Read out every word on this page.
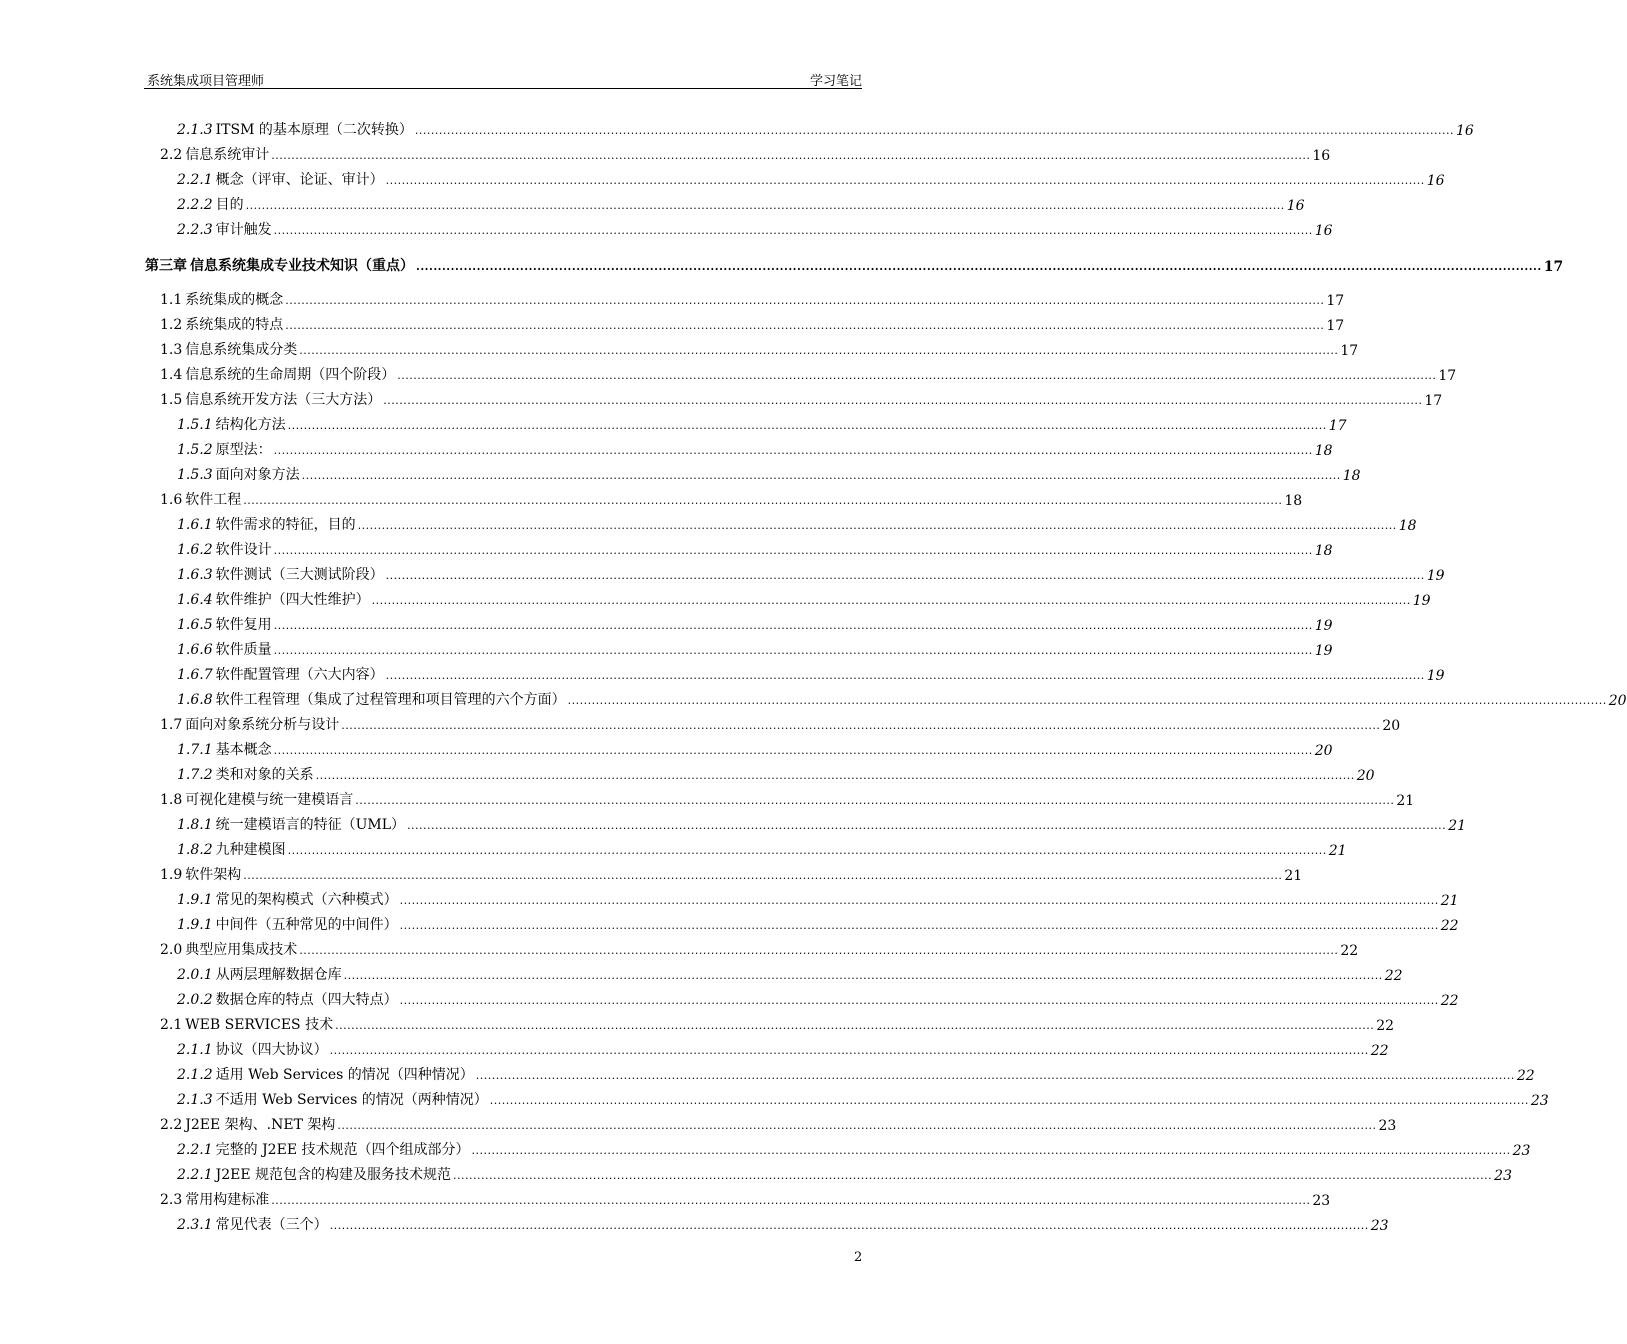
系统集成项目管理师	学习笔记
2.1.3 ITSM 的基本原理（二次转换） .................................................................................................................................................................................................................................................................... 16
2.2 信息系统审计 .................................................................................................................................................................................................................................................................... 16
2.2.1 概念（评审、论证、审计） .................................................................................................................................................................................................................................................................... 16
2.2.2 目的 .................................................................................................................................................................................................................................................................... 16
2.2.3 审计触发 .................................................................................................................................................................................................................................................................... 16
第三章 信息系统集成专业技术知识（重点） .................................................................................................................................................................................................................................................................... 17
1.1 系统集成的概念 .................................................................................................................................................................................................................................................................... 17
1.2 系统集成的特点 .................................................................................................................................................................................................................................................................... 17
1.3 信息系统集成分类 .................................................................................................................................................................................................................................................................... 17
1.4 信息系统的生命周期（四个阶段） .................................................................................................................................................................................................................................................................... 17
1.5 信息系统开发方法（三大方法） .................................................................................................................................................................................................................................................................... 17
1.5.1 结构化方法 .................................................................................................................................................................................................................................................................... 17
1.5.2 原型法： .................................................................................................................................................................................................................................................................... 18
1.5.3 面向对象方法 .................................................................................................................................................................................................................................................................... 18
1.6 软件工程 .................................................................................................................................................................................................................................................................... 18
1.6.1 软件需求的特征，目的 .................................................................................................................................................................................................................................................................... 18
1.6.2 软件设计 .................................................................................................................................................................................................................................................................... 18
1.6.3 软件测试（三大测试阶段） .................................................................................................................................................................................................................................................................... 19
1.6.4 软件维护（四大性维护） .................................................................................................................................................................................................................................................................... 19
1.6.5 软件复用 .................................................................................................................................................................................................................................................................... 19
1.6.6 软件质量 .................................................................................................................................................................................................................................................................... 19
1.6.7 软件配置管理（六大内容） .................................................................................................................................................................................................................................................................... 19
1.6.8 软件工程管理（集成了过程管理和项目管理的六个方面） .................................................................................................................................................................................................................................................................... 20
1.7 面向对象系统分析与设计 .................................................................................................................................................................................................................................................................... 20
1.7.1 基本概念 .................................................................................................................................................................................................................................................................... 20
1.7.2 类和对象的关系 .................................................................................................................................................................................................................................................................... 20
1.8 可视化建模与统一建模语言 .................................................................................................................................................................................................................................................................... 21
1.8.1 统一建模语言的特征（UML） .................................................................................................................................................................................................................................................................... 21
1.8.2 九种建模图 .................................................................................................................................................................................................................................................................... 21
1.9 软件架构 .................................................................................................................................................................................................................................................................... 21
1.9.1 常见的架构模式（六种模式） .................................................................................................................................................................................................................................................................... 21
1.9.1 中间件（五种常见的中间件） .................................................................................................................................................................................................................................................................... 22
2.0 典型应用集成技术 .................................................................................................................................................................................................................................................................... 22
2.0.1 从两层理解数据仓库 .................................................................................................................................................................................................................................................................... 22
2.0.2 数据仓库的特点（四大特点） .................................................................................................................................................................................................................................................................... 22
2.1 WEB SERVICES 技术 .................................................................................................................................................................................................................................................................... 22
2.1.1 协议（四大协议） .................................................................................................................................................................................................................................................................... 22
2.1.2 适用 Web Services 的情况（四种情况） .................................................................................................................................................................................................................................................................... 22
2.1.3 不适用 Web Services 的情况（两种情况） .................................................................................................................................................................................................................................................................... 23
2.2 J2EE 架构、.NET 架构 .................................................................................................................................................................................................................................................................... 23
2.2.1 完整的 J2EE 技术规范（四个组成部分） .................................................................................................................................................................................................................................................................... 23
2.2.1 J2EE 规范包含的构建及服务技术规范 .................................................................................................................................................................................................................................................................... 23
2.3 常用构建标准 .................................................................................................................................................................................................................................................................... 23
2.3.1 常见代表（三个） .................................................................................................................................................................................................................................................................... 23
2
